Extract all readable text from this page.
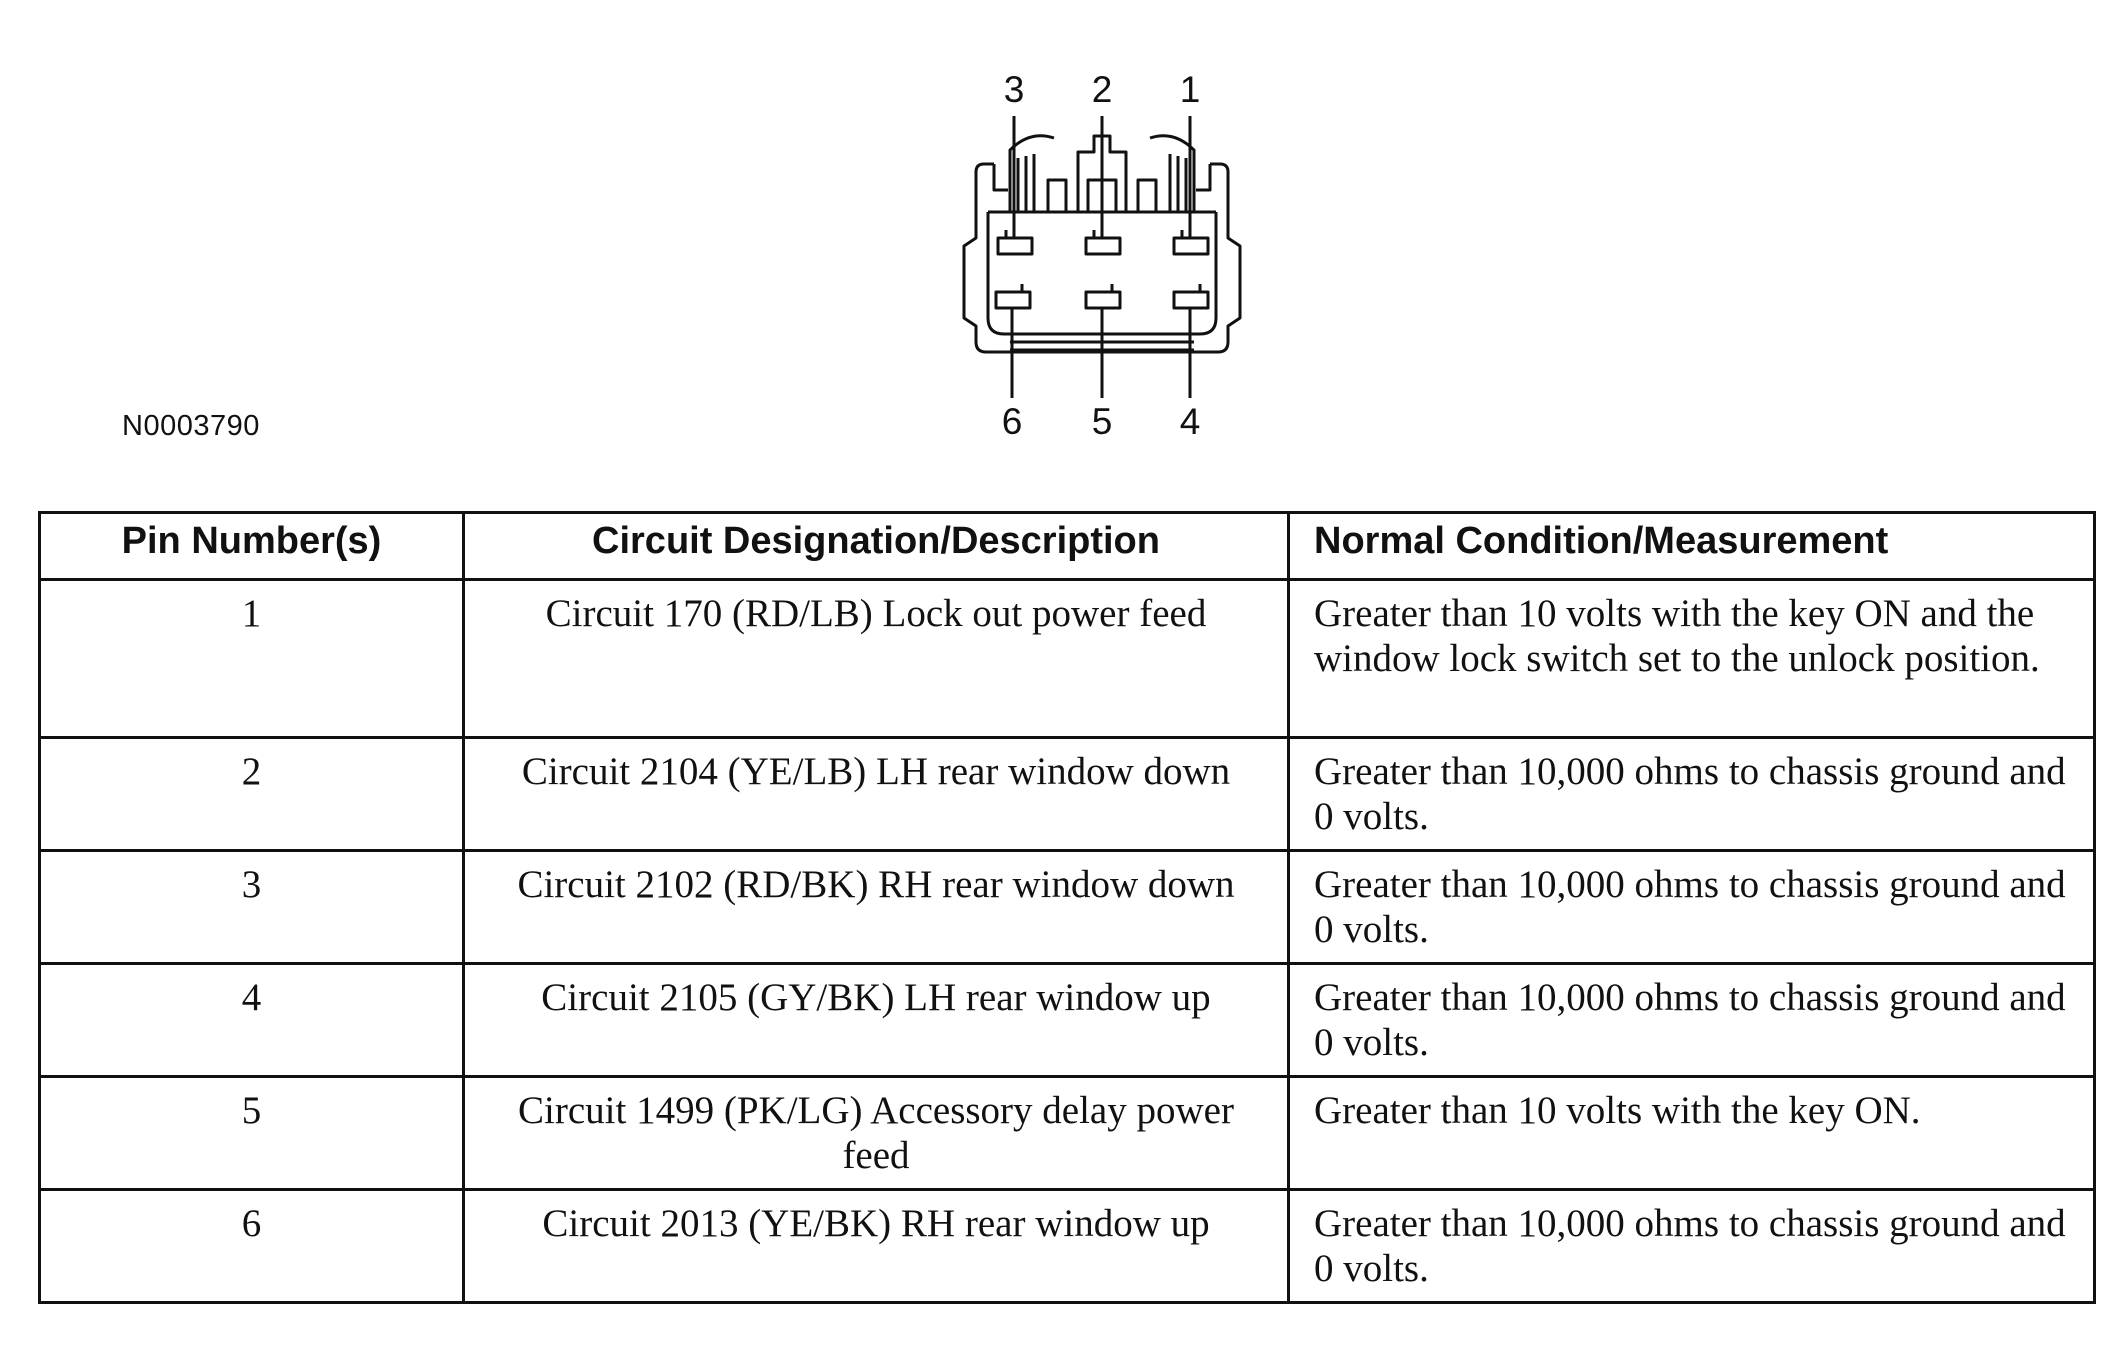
N0003790
3 2 1
6 5 4
Pin Number(s)	Circuit Designation/Description	Normal Condition/Measurement
1	Circuit 170 (RD/LB) Lock out power feed	Greater than 10 volts with the key ON and the window lock switch set to the unlock position.
2	Circuit 2104 (YE/LB) LH rear window down	Greater than 10,000 ohms to chassis ground and 0 volts.
3	Circuit 2102 (RD/BK) RH rear window down	Greater than 10,000 ohms to chassis ground and 0 volts.
4	Circuit 2105 (GY/BK) LH rear window up	Greater than 10,000 ohms to chassis ground and 0 volts.
5	Circuit 1499 (PK/LG) Accessory delay power feed	Greater than 10 volts with the key ON.
6	Circuit 2013 (YE/BK) RH rear window up	Greater than 10,000 ohms to chassis ground and 0 volts.
